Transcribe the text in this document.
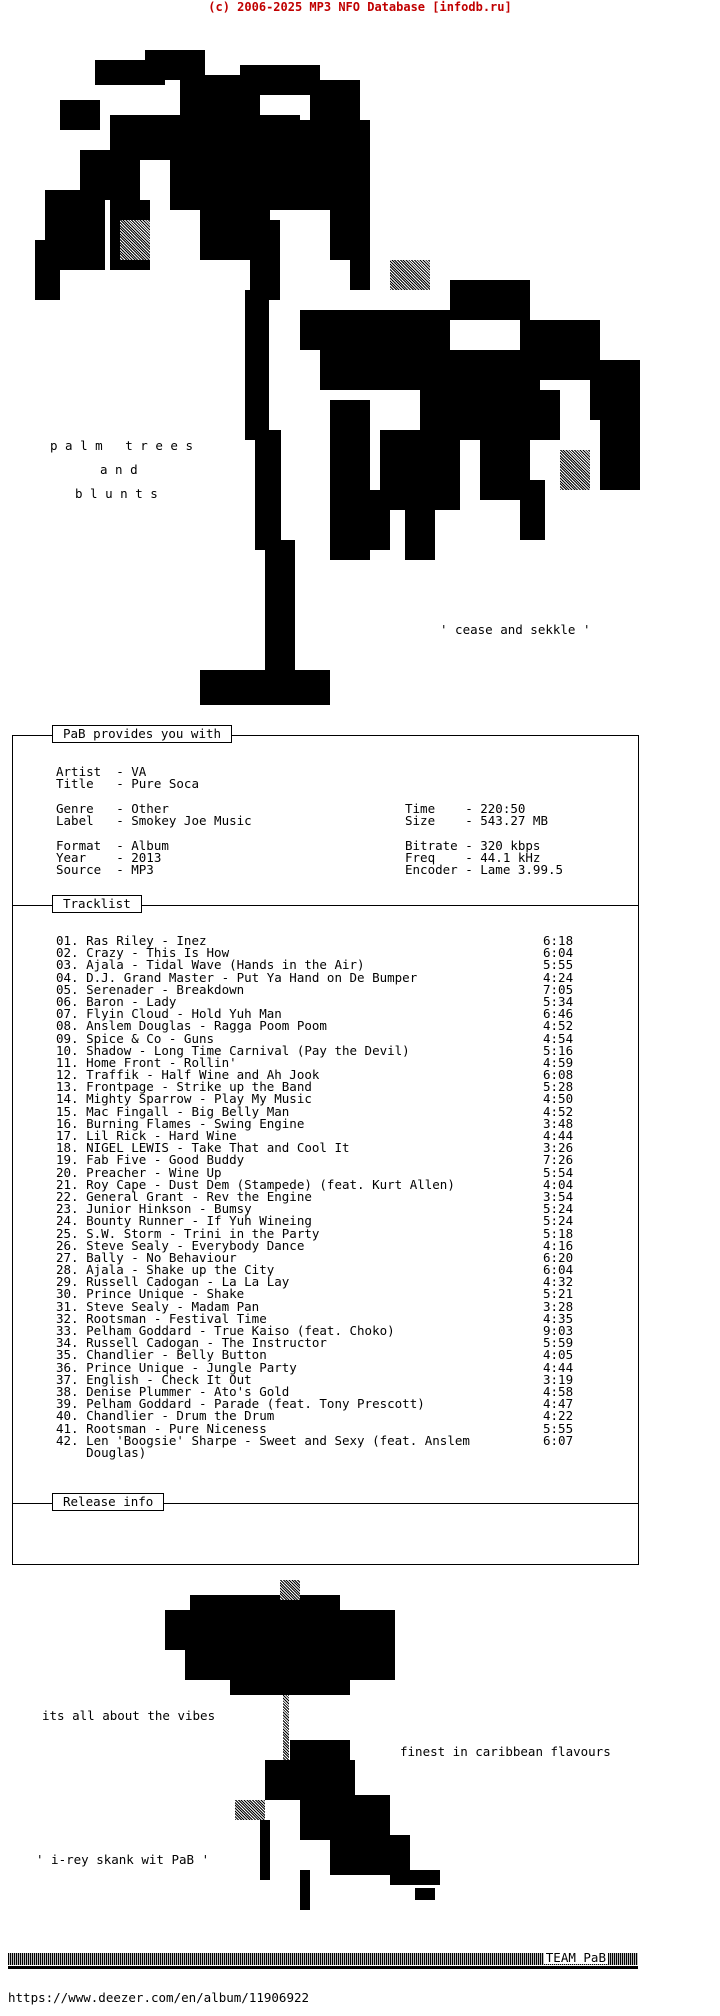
(c) 2006-2025 MP3 NFO Database [infodb.ru]
p a l m   t r e e s
a n d
b l u n t s
' cease and sekkle '
PaB provides you with
Tracklist
Release info
Artist  - VA
Title   - Pure Soca
Genre   - Other
Label   - Smokey Joe Music
Format  - Album
Year    - 2013
Source  - MP3
Time    - 220:50
Size    - 543.27 MB
Bitrate - 320 kbps
Freq    - 44.1 kHz
Encoder - Lame 3.99.5
01. Ras Riley - Inez	6:18
02. Crazy - This Is How	6:04
03. Ajala - Tidal Wave (Hands in the Air)	5:55
04. D.J. Grand Master - Put Ya Hand on De Bumper	4:24
05. Serenader - Breakdown	7:05
06. Baron - Lady	5:34
07. Flyin Cloud - Hold Yuh Man	6:46
08. Anslem Douglas - Ragga Poom Poom	4:52
09. Spice & Co - Guns	4:54
10. Shadow - Long Time Carnival (Pay the Devil)	5:16
11. Home Front - Rollin'	4:59
12. Traffik - Half Wine and Ah Jook	6:08
13. Frontpage - Strike up the Band	5:28
14. Mighty Sparrow - Play My Music	4:50
15. Mac Fingall - Big Belly Man	4:52
16. Burning Flames - Swing Engine	3:48
17. Lil Rick - Hard Wine	4:44
18. NIGEL LEWIS - Take That and Cool It	3:26
19. Fab Five - Good Buddy	7:26
20. Preacher - Wine Up	5:54
21. Roy Cape - Dust Dem (Stampede) (feat. Kurt Allen)	4:04
22. General Grant - Rev the Engine	3:54
23. Junior Hinkson - Bumsy	5:24
24. Bounty Runner - If Yuh Wineing	5:24
25. S.W. Storm - Trini in the Party	5:18
26. Steve Sealy - Everybody Dance	4:16
27. Bally - No Behaviour	6:20
28. Ajala - Shake up the City	6:04
29. Russell Cadogan - La La Lay	4:32
30. Prince Unique - Shake	5:21
31. Steve Sealy - Madam Pan	3:28
32. Rootsman - Festival Time	4:35
33. Pelham Goddard - True Kaiso (feat. Choko)	9:03
34. Russell Cadogan - The Instructor	5:59
35. Chandlier - Belly Button	4:05
36. Prince Unique - Jungle Party	4:44
37. English - Check It Out	3:19
38. Denise Plummer - Ato's Gold	4:58
39. Pelham Goddard - Parade (feat. Tony Prescott)	4:47
40. Chandlier - Drum the Drum	4:22
41. Rootsman - Pure Niceness	5:55
42. Len 'Boogsie' Sharpe - Sweet and Sexy (feat. Anslem	6:07
Douglas)
its all about the vibes
finest in caribbean flavours
' i-rey skank wit PaB '
TEAM PaB
https://www.deezer.com/en/album/11906922
